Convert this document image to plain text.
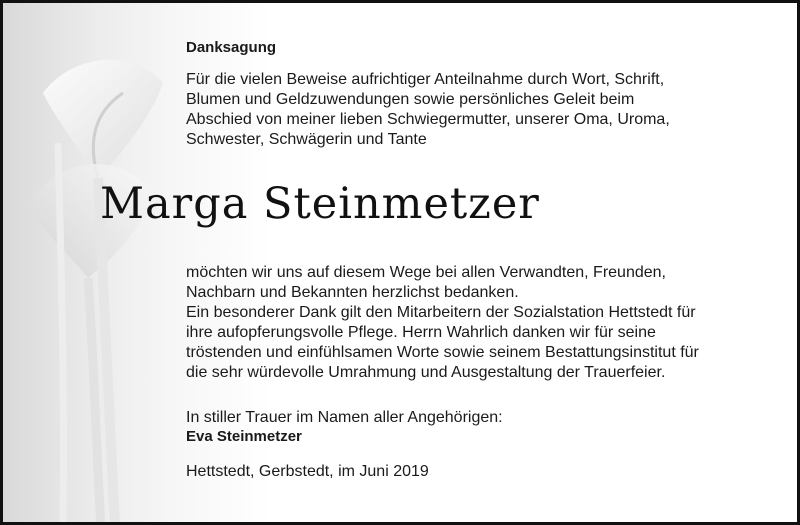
Danksagung
Für die vielen Beweise aufrichtiger Anteilnahme durch Wort, Schrift,
Blumen und Geldzuwendungen sowie persönliches Geleit beim
Abschied von meiner lieben Schwiegermutter, unserer Oma, Uroma,
Schwester, Schwägerin und Tante
Marga Steinmetzer
möchten wir uns auf diesem Wege bei allen Verwandten, Freunden,
Nachbarn und Bekannten herzlichst bedanken.
Ein besonderer Dank gilt den Mitarbeitern der Sozialstation Hettstedt für
ihre aufopferungsvolle Pflege. Herrn Wahrlich danken wir für seine
tröstenden und einfühlsamen Worte sowie seinem Bestattungsinstitut für
die sehr würdevolle Umrahmung und Ausgestaltung der Trauerfeier.
In stiller Trauer im Namen aller Angehörigen:
Eva Steinmetzer
Hettstedt, Gerbstedt, im Juni 2019
